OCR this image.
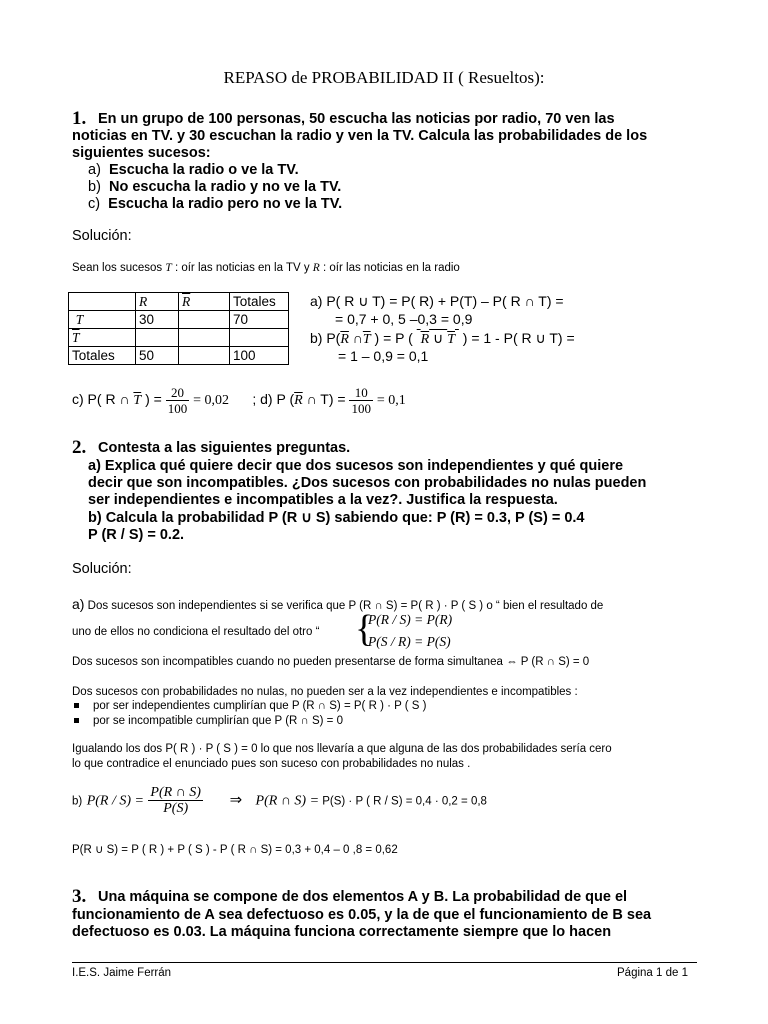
REPASO de PROBABILIDAD II ( Resueltos):
1. En un grupo de 100 personas, 50 escucha las noticias por radio, 70 ven las
noticias en TV. y 30 escuchan la radio y ven la TV. Calcula las probabilidades de los
siguientes sucesos:
a) Escucha la radio o ve la TV.
b) No escucha la radio y no ve la TV.
c) Escucha la radio pero no ve la TV.
Solución:
Sean los sucesos T : oír las noticias en la TV y R : oír las noticias en la radio
	R	$\overline{R}$	Totales
T	30		70
$\overline{T}$			
Totales	50		100
a) P( R ∪ T) = P( R) + P(T) – P( R ∩ T) =
= 0,7 + 0, 5 –0,3 = 0,9
b) $P(\overline{R}$ $\cap\overline{T}$ ) = P ( R ∪ T ) = 1 - P( R ∪ T) =
= 1 – 0,9 = 0,1
c) P( R ∩ $\overline{T}$ ) = $\frac{20}{100} = 0,02$ ; d) P ($\overline{R}$ ∩ $T) = \frac{10}{100} = 0,1$
2. Contesta a las siguientes preguntas.
a) Explica qué quiere decir que dos sucesos son independientes y qué quiere
decir que son incompatibles. ¿Dos sucesos con probabilidades no nulas pueden
ser independientes e incompatibles a la vez?. Justifica la respuesta.
b) Calcula la probabilidad P (R ∪ S) sabiendo que: P (R) = 0.3, P (S) = 0.4
P (R / S) = 0.2.
Solución:
a) Dos sucesos son independientes si se verifica que P (R ∩ S) = P( R ) · P ( S ) o “ bien el resultado de
uno de ellos no condiciona el resultado del otro “ {
P(R / S) = P(R)
P(S / R) = P(S)
Dos sucesos son incompatibles cuando no pueden presentarse de forma simultanea ⇔ P (R ∩ S) = 0
Dos sucesos con probabilidades no nulas, no pueden ser a la vez independientes e incompatibles :
por ser independientes cumplirían que P (R ∩ S) = P( R ) · P ( S )
por se incompatible cumplirían que P (R ∩ S) = 0
Igualando los dos P( R ) · P ( S ) = 0 lo que nos llevaría a que alguna de las dos probabilidades sería cero
lo que contradice el enunciado pues son suceso con probabilidades no nulas .
b) $P(R / S) = \frac{P(R \cap S)}{P(S)}$ ⇒ P(R ∩ S) = P(S) · P ( R / S) = 0,4 · 0,2 = 0,8
P(R ∪ S) = P ( R ) + P ( S ) - P ( R ∩ S) = 0,3 + 0,4 – 0 ,8 = 0,62
3. Una máquina se compone de dos elementos A y B. La probabilidad de que el
funcionamiento de A sea defectuoso es 0.05, y la de que el funcionamiento de B sea
defectuoso es 0.03. La máquina funciona correctamente siempre que lo hacen
I.E.S. Jaime Ferrán	Página 1 de 1
